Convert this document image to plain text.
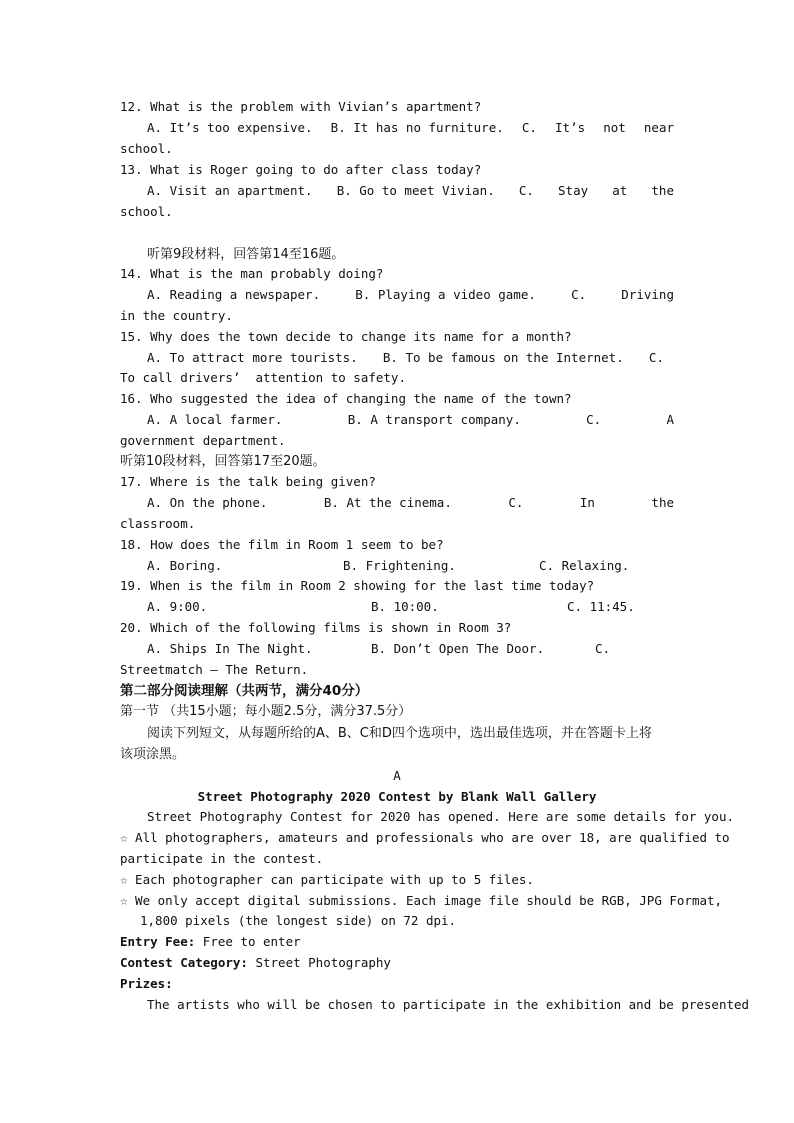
12. What is the problem with Vivian’s apartment?
A. It’s too expensive. B. It has no furniture. C. It’s not near
school.
13. What is Roger going to do after class today?
A. Visit an apartment. B. Go to meet Vivian. C. Stay at the
school.
听第9段材料，回答第14至16题。
14. What is the man probably doing?
A. Reading a newspaper.	B. Playing a video game.	C.	Driving
in the country.
15. Why does the town decide to change its name for a month?
A. To attract more tourists. B. To be famous on the Internet. C.
To call drivers’  attention to safety.
16. Who suggested the idea of changing the name of the town?
A. A local farmer.	B. A transport company.	C.	A
government department.
听第10段材料，回答第17至20题。
17. Where is the talk being given?
A. On the phone.	B. At the cinema.	C.	In	the
classroom.
18. How does the film in Room 1 seem to be?
A. Boring.	B. Frightening.	C. Relaxing.
19. When is the film in Room 2 showing for the last time today?
A. 9:00.	B. 10:00.	C. 11:45.
20. Which of the following films is shown in Room 3?
A. Ships In The Night.	B. Don’t Open The Door.	C.
Streetmatch — The Return.
第二部分阅读理解（共两节，满分40分）
第一节 （共15小题；每小题2.5分，满分37.5分）
阅读下列短文，从每题所给的A、B、C和D四个选项中，选出最佳选项，并在答题卡上将
该项涂黑。
A
Street Photography 2020 Contest by Blank Wall Gallery
Street Photography Contest for 2020 has opened. Here are some details for you.
☆ All photographers, amateurs and professionals who are over 18, are qualified to
participate in the contest.
☆ Each photographer can participate with up to 5 files.
☆ We only accept digital submissions. Each image file should be RGB, JPG Format,
1,800 pixels (the longest side) on 72 dpi.
Entry Fee: Free to enter
Contest Category: Street Photography
Prizes:
The artists who will be chosen to participate in the exhibition and be presented
